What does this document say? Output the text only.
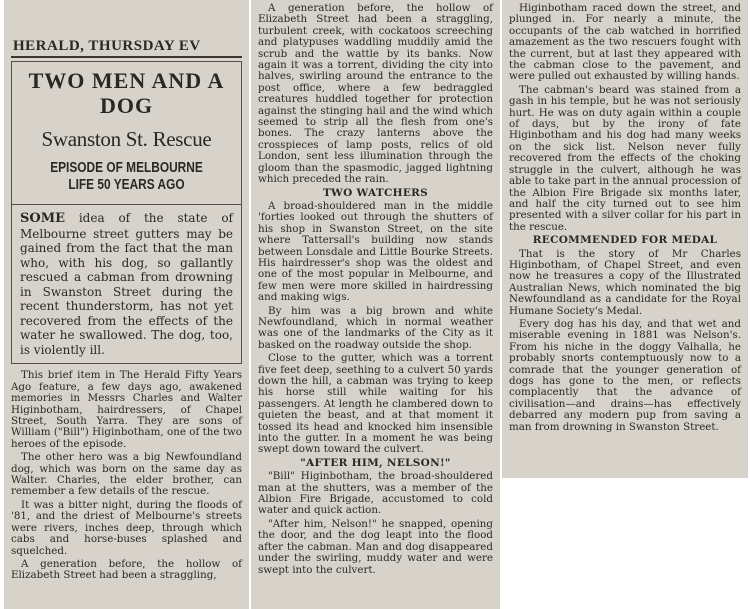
HERALD, THURSDAY EV
TWO MEN AND A DOG
Swanston St. Rescue
EPISODE OF MELBOURNE LIFE 50 YEARS AGO
SOME idea of the state of Melbourne street gutters may be gained from the fact that the man who, with his dog, so gallantly rescued a cabman from drowning in Swanston Street during the recent thunderstorm, has not yet recovered from the effects of the water he swallowed. The dog, too, is violently ill.

This brief item in The Herald Fifty Years Ago feature, a few days ago, awakened memories in Messrs Charles and Walter Higinbotham, hairdressers, of Chapel Street, South Yarra. They are sons of William ("Bill") Higinbotham, one of the two heroes of the episode.

The other hero was a big Newfoundland dog, which was born on the same day as Walter. Charles, the elder brother, can remember a few details of the rescue.

It was a bitter night, during the floods of '81, and the driest of Melbourne's streets were rivers, inches deep, through which cabs and horse-buses splashed and squelched.

A generation before, the hollow of Elizabeth Street had been a straggling,

A generation before, the hollow of Elizabeth Street had been a straggling, turbulent creek, with cockatoos screeching and platypuses waddling muddily amid the scrub and the wattle by its banks. Now again it was a torrent, dividing the city into halves, swirling around the entrance to the post office, where a few bedraggled creatures huddled together for protection against the stinging hail and the wind which seemed to strip all the flesh from one's bones. The crazy lanterns above the crosspieces of lamp posts, relics of old London, sent less illumination through the gloom than the spasmodic, jagged lightning which preceded the rain.

TWO WATCHERS

A broad-shouldered man in the middle 'forties looked out through the shutters of his shop in Swanston Street, on the site where Tattersall's building now stands between Lonsdale and Little Bourke Streets. His hairdresser's shop was the oldest and one of the most popular in Melbourne, and few men were more skilled in hairdressing and making wigs.

By him was a big brown and white Newfoundland, which in normal weather was one of the landmarks of the City as it basked on the roadway outside the shop.

Close to the gutter, which was a torrent five feet deep, seething to a culvert 50 yards down the hill, a cabman was trying to keep his horse still while waiting for his passengers. At length he clambered down to quieten the beast, and at that moment it tossed its head and knocked him insensible into the gutter. In a moment he was being swept down toward the culvert.

"AFTER HIM, NELSON!"

"Bill" Higinbotham, the broad-shouldered man at the shutters, was a member of the Albion Fire Brigade, accustomed to cold water and quick action.

"After him, Nelson!" he snapped, opening the door, and the dog leapt into the flood after the cabman. Man and dog disappeared under the swirling, muddy water and were swept into the culvert.

Higinbotham raced down the street, and plunged in. For nearly a minute, the occupants of the cab watched in horrified amazement as the two rescuers fought with the current, but at last they appeared with the cabman close to the pavement, and were pulled out exhausted by willing hands.

The cabman's beard was stained from a gash in his temple, but he was not seriously hurt. He was on duty again within a couple of days, but by the irony of fate Higinbotham and his dog had many weeks on the sick list. Nelson never fully recovered from the effects of the choking struggle in the culvert, although he was able to take part in the annual procession of the Albion Fire Brigade six months later, and half the city turned out to see him presented with a silver collar for his part in the rescue.

RECOMMENDED FOR MEDAL

That is the story of Mr Charles Higinbotham, of Chapel Street, and even now he treasures a copy of the Illustrated Australian News, which nominated the big Newfoundland as a candidate for the Royal Humane Society's Medal.

Every dog has his day, and that wet and miserable evening in 1881 was Nelson's. From his niche in the doggy Valhalla, he probably snorts contemptuously now to a comrade that the younger generation of dogs has gone to the men, or reflects complacently that the advance of civilisation—and drains—has effectively debarred any modern pup from saving a man from drowning in Swanston Street.
